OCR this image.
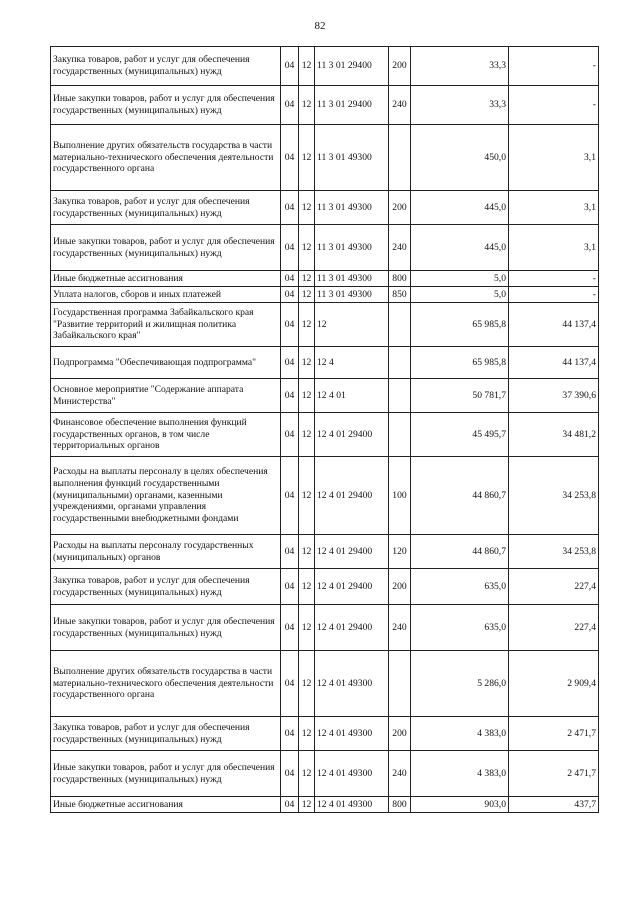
82
Закупка товаров, работ и услуг для обеспечения государственных (муниципальных) нужд	04	12	11 3 01 29400	200	33,3	-
Иные закупки товаров, работ и услуг для обеспечения государственных (муниципальных) нужд	04	12	11 3 01 29400	240	33,3	-
Выполнение других обязательств государства в части материально-технического обеспечения деятельности государственного органа	04	12	11 3 01 49300		450,0	3,1
Закупка товаров, работ и услуг для обеспечения государственных (муниципальных) нужд	04	12	11 3 01 49300	200	445,0	3,1
Иные закупки товаров, работ и услуг для обеспечения государственных (муниципальных) нужд	04	12	11 3 01 49300	240	445,0	3,1
Иные бюджетные ассигнования	04	12	11 3 01 49300	800	5,0	-
Уплата налогов, сборов и иных платежей	04	12	11 3 01 49300	850	5,0	-
Государственная программа Забайкальского края "Развитие территорий и жилищная политика Забайкальского края"	04	12	12		65 985,8	44 137,4
Подпрограмма "Обеспечивающая подпрограмма"	04	12	12 4		65 985,8	44 137,4
Основное мероприятие "Содержание аппарата Министерства"	04	12	12 4 01		50 781,7	37 390,6
Финансовое обеспечение выполнения функций государственных органов, в том числе территориальных органов	04	12	12 4 01 29400		45 495,7	34 481,2
Расходы на выплаты персоналу в целях обеспечения выполнения функций государственными (муниципальными) органами, казенными учреждениями, органами управления государственными внебюджетными фондами	04	12	12 4 01 29400	100	44 860,7	34 253,8
Расходы на выплаты персоналу государственных (муниципальных) органов	04	12	12 4 01 29400	120	44 860,7	34 253,8
Закупка товаров, работ и услуг для обеспечения государственных (муниципальных) нужд	04	12	12 4 01 29400	200	635,0	227,4
Иные закупки товаров, работ и услуг для обеспечения государственных (муниципальных) нужд	04	12	12 4 01 29400	240	635,0	227,4
Выполнение других обязательств государства в части материально-технического обеспечения деятельности государственного органа	04	12	12 4 01 49300		5 286,0	2 909,4
Закупка товаров, работ и услуг для обеспечения государственных (муниципальных) нужд	04	12	12 4 01 49300	200	4 383,0	2 471,7
Иные закупки товаров, работ и услуг для обеспечения государственных (муниципальных) нужд	04	12	12 4 01 49300	240	4 383,0	2 471,7
Иные бюджетные ассигнования	04	12	12 4 01 49300	800	903,0	437,7
